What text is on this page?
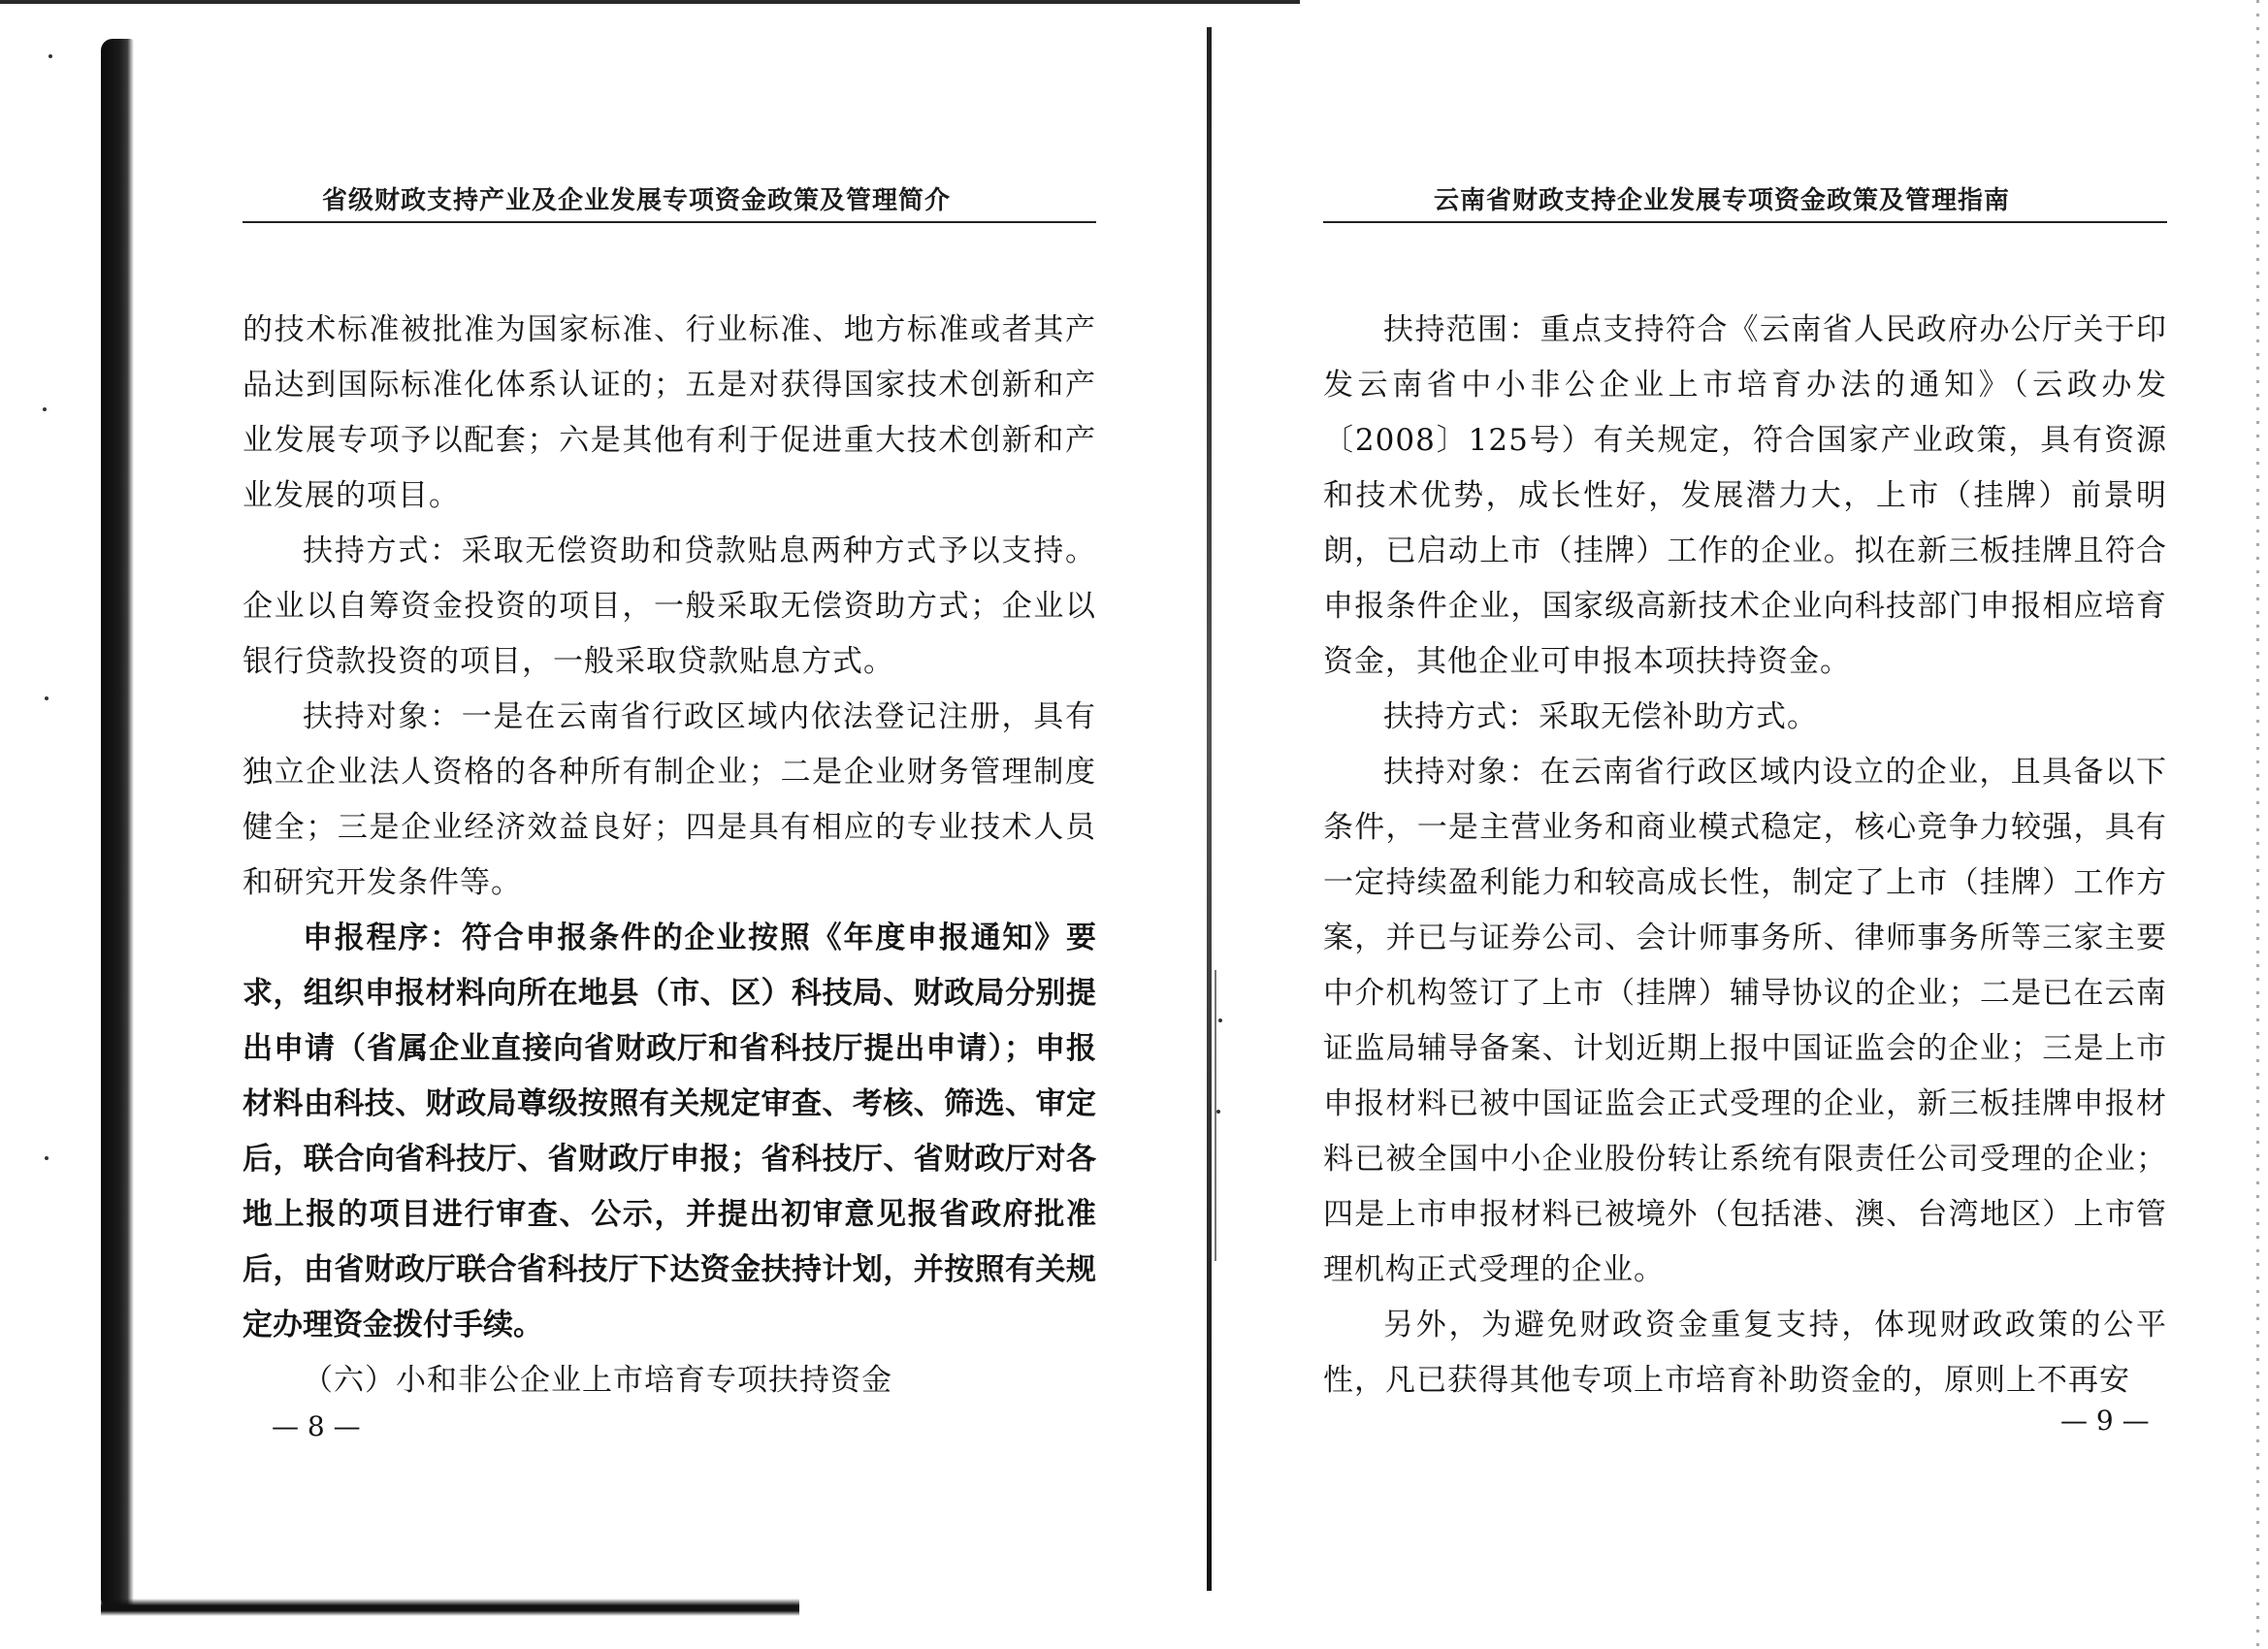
省级财政支持产业及企业发展专项资金政策及管理简介

的技术标准被批准为国家标准、行业标准、地方标准或者其产品达到国际标准化体系认证的；五是对获得国家技术创新和产业发展专项予以配套；六是其他有利于促进重大技术创新和产业发展的项目。

扶持方式：采取无偿资助和贷款贴息两种方式予以支持。企业以自筹资金投资的项目，一般采取无偿资助方式；企业以银行贷款投资的项目，一般采取贷款贴息方式。

扶持对象：一是在云南省行政区域内依法登记注册，具有独立企业法人资格的各种所有制企业；二是企业财务管理制度健全；三是企业经济效益良好；四是具有相应的专业技术人员和研究开发条件等。

申报程序：符合申报条件的企业按照《年度申报通知》要求，组织申报材料向所在地县（市、区）科技局、财政局分别提出申请（省属企业直接向省财政厅和省科技厅提出申请）；申报材料由科技、财政局尊级按照有关规定审查、考核、筛选、审定后，联合向省科技厅、省财政厅申报；省科技厅、省财政厅对各地上报的项目进行审查、公示，并提出初审意见报省政府批准后，由省财政厅联合省科技厅下达资金扶持计划，并按照有关规定办理资金拨付手续。

（六）小和非公企业上市培育专项扶持资金

— 8 —
云南省财政支持企业发展专项资金政策及管理指南

扶持范围：重点支持符合《云南省人民政府办公厅关于印发云南省中小非公企业上市培育办法的通知》（云政办发〔2008〕125号）有关规定，符合国家产业政策，具有资源和技术优势，成长性好，发展潜力大，上市（挂牌）前景明朗，已启动上市（挂牌）工作的企业。拟在新三板挂牌且符合申报条件企业，国家级高新技术企业向科技部门申报相应培育资金，其他企业可申报本项扶持资金。

扶持方式：采取无偿补助方式。

扶持对象：在云南省行政区域内设立的企业，且具备以下条件，一是主营业务和商业模式稳定，核心竞争力较强，具有一定持续盈利能力和较高成长性，制定了上市（挂牌）工作方案，并已与证券公司、会计师事务所、律师事务所等三家主要中介机构签订了上市（挂牌）辅导协议的企业；二是已在云南证监局辅导备案、计划近期上报中国证监会的企业；三是上市申报材料已被中国证监会正式受理的企业，新三板挂牌申报材料已被全国中小企业股份转让系统有限责任公司受理的企业；四是上市申报材料已被境外（包括港、澳、台湾地区）上市管理机构正式受理的企业。

另外，为避免财政资金重复支持，体现财政政策的公平性，凡已获得其他专项上市培育补助资金的，原则上不再安

— 9 —
